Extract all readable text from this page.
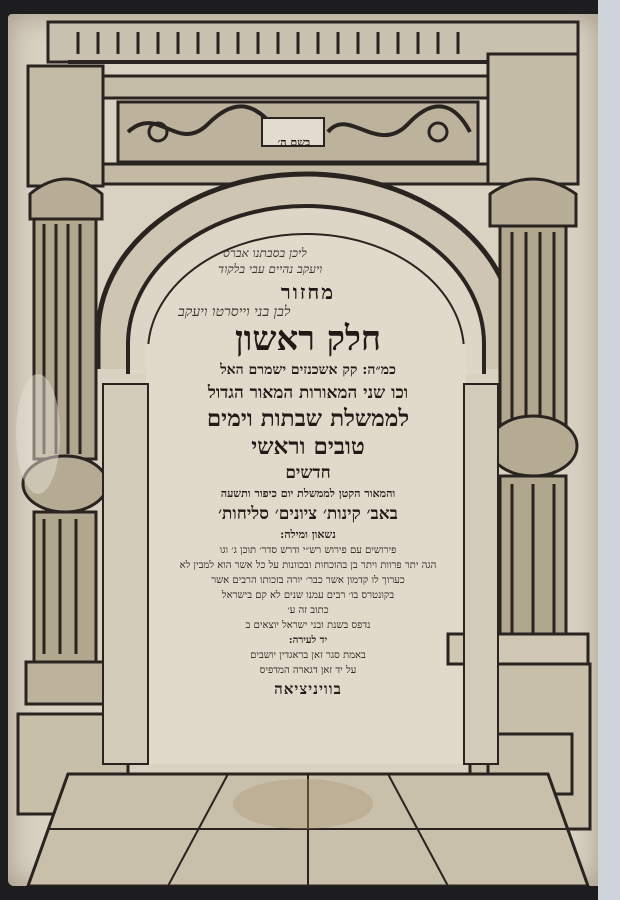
בשם ה׳
ליכן בסבתנו אברס
ויעקב נהיים עבי בלקוד
לבן בני וייסרטו ויעקב
מחזור
חלק ראשון
כמ״ה: קק אשכנזים ישמרם האל
וכו שני המאורות המאור הגדול
לממשלת שבתות וימים
טובים וראשי
חדשים
והמאור הקטן לממשלת יום כיפור ותשעה
באב׳ קינות׳ ציונים׳ סליחות׳
נשאון ומילה:
פירושים עם פירוש רש״י ודרש סדר׳ תוכן ג׳ וגו
הגה יתר פרוות ויתר בן בהוכחות ובכוונות על כל אשר הוא למבין לא
כערוך לו קדמון אשר כבר׳ יורה בזכותו הרבים אשר
בקונטרס בו׳ רבים עמנו שנים לא קם בישראל
כתוב זה ע׳
נדפס בשנת ובני ישראל יוצאים ב
יד לעירה:
באמת סגר זאן בראגדין יושבים
על יד זאן דגארה המדפיס
בוויניציאה
